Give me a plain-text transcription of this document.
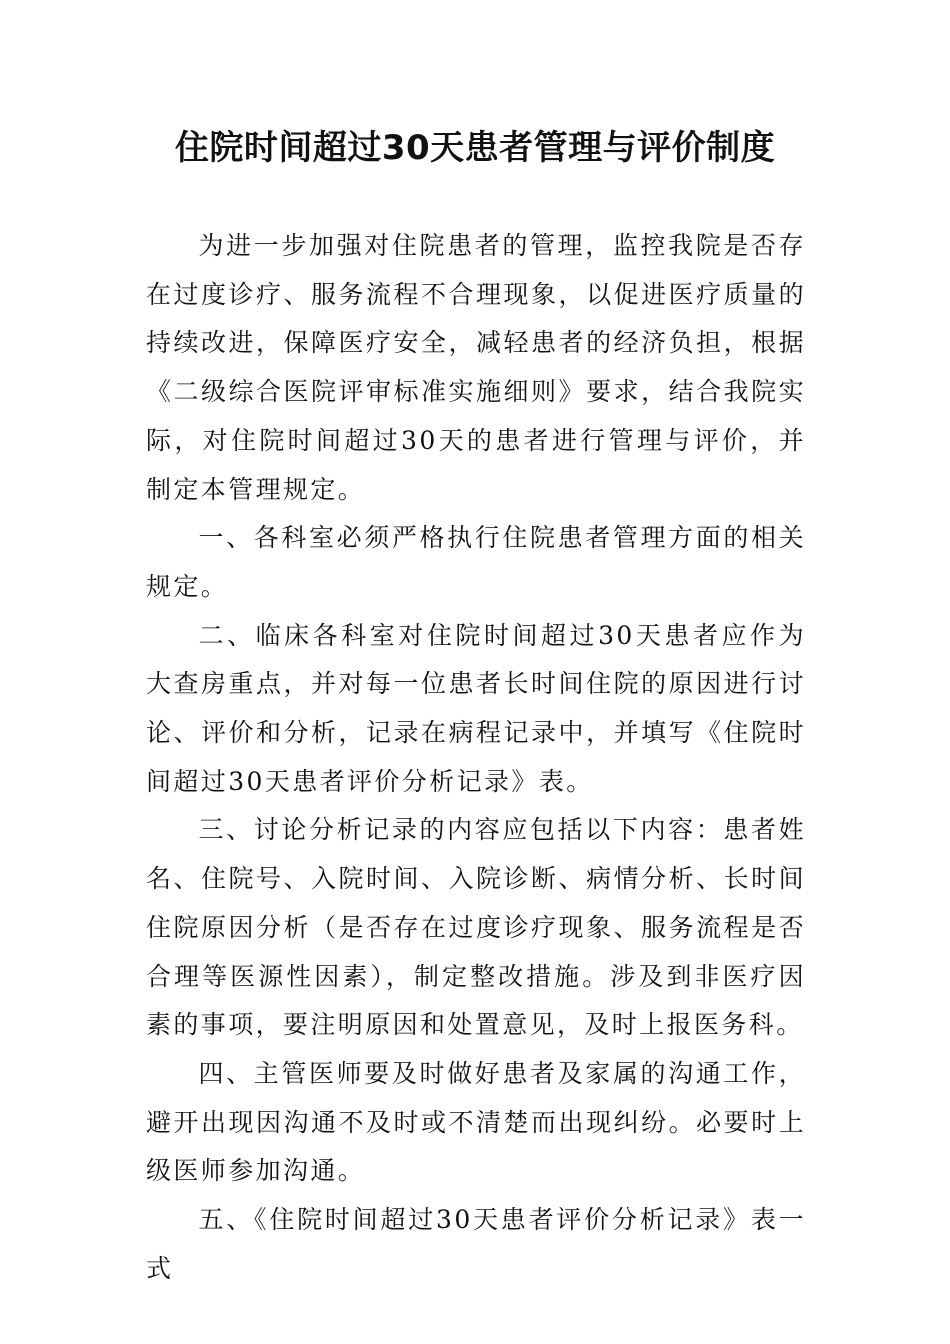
住院时间超过30天患者管理与评价制度

为进一步加强对住院患者的管理，监控我院是否存在过度诊疗、服务流程不合理现象，以促进医疗质量的持续改进，保障医疗安全，减轻患者的经济负担，根据《二级综合医院评审标准实施细则》要求，结合我院实际，对住院时间超过30天的患者进行管理与评价，并制定本管理规定。

一、各科室必须严格执行住院患者管理方面的相关规定。

二、临床各科室对住院时间超过30天患者应作为大查房重点，并对每一位患者长时间住院的原因进行讨论、评价和分析，记录在病程记录中，并填写《住院时间超过30天患者评价分析记录》表。

三、讨论分析记录的内容应包括以下内容：患者姓名、住院号、入院时间、入院诊断、病情分析、长时间住院原因分析（是否存在过度诊疗现象、服务流程是否合理等医源性因素），制定整改措施。涉及到非医疗因素的事项，要注明原因和处置意见，及时上报医务科。

四、主管医师要及时做好患者及家属的沟通工作，避开出现因沟通不及时或不清楚而出现纠纷。必要时上级医师参加沟通。

五、《住院时间超过30天患者评价分析记录》表一式
